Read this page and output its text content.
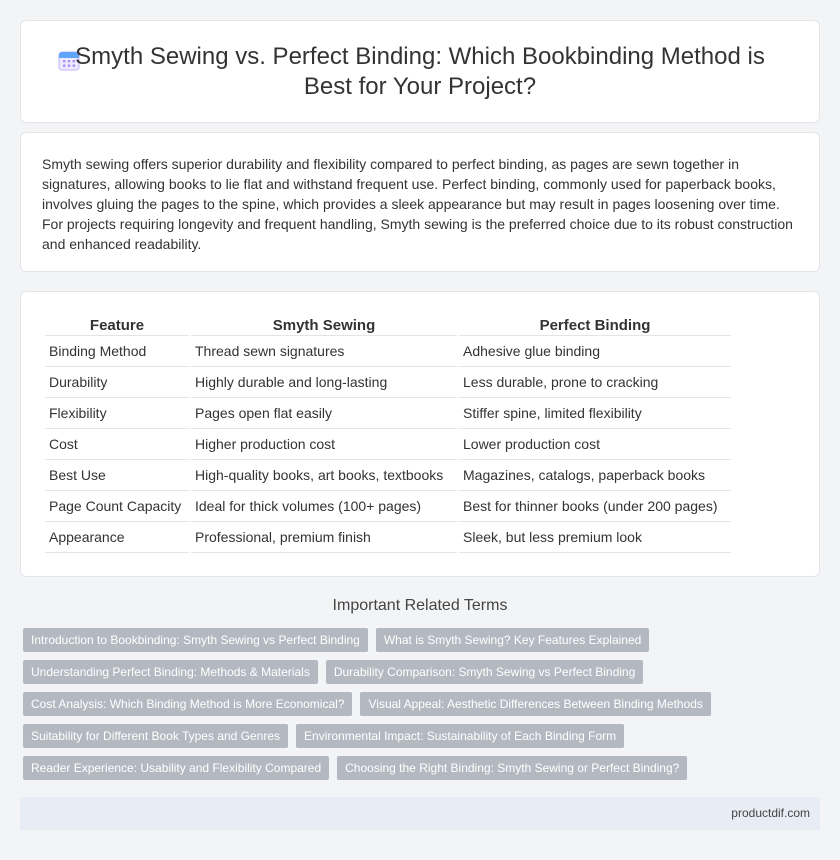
Smyth Sewing vs. Perfect Binding: Which Bookbinding Method is Best for Your Project?

Smyth sewing offers superior durability and flexibility compared to perfect binding, as pages are sewn together in signatures, allowing books to lie flat and withstand frequent use. Perfect binding, commonly used for paperback books, involves gluing the pages to the spine, which provides a sleek appearance but may result in pages loosening over time. For projects requiring longevity and frequent handling, Smyth sewing is the preferred choice due to its robust construction and enhanced readability.

Feature	Smyth Sewing	Perfect Binding
Binding Method	Thread sewn signatures	Adhesive glue binding
Durability	Highly durable and long-lasting	Less durable, prone to cracking
Flexibility	Pages open flat easily	Stiffer spine, limited flexibility
Cost	Higher production cost	Lower production cost
Best Use	High-quality books, art books, textbooks	Magazines, catalogs, paperback books
Page Count Capacity	Ideal for thick volumes (100+ pages)	Best for thinner books (under 200 pages)
Appearance	Professional, premium finish	Sleek, but less premium look
Important Related Terms
Introduction to Bookbinding: Smyth Sewing vs Perfect Binding	What is Smyth Sewing? Key Features Explained
Understanding Perfect Binding: Methods & Materials	Durability Comparison: Smyth Sewing vs Perfect Binding
Cost Analysis: Which Binding Method is More Economical?	Visual Appeal: Aesthetic Differences Between Binding Methods
Suitability for Different Book Types and Genres	Environmental Impact: Sustainability of Each Binding Form
Reader Experience: Usability and Flexibility Compared	Choosing the Right Binding: Smyth Sewing or Perfect Binding?
productdif.com
